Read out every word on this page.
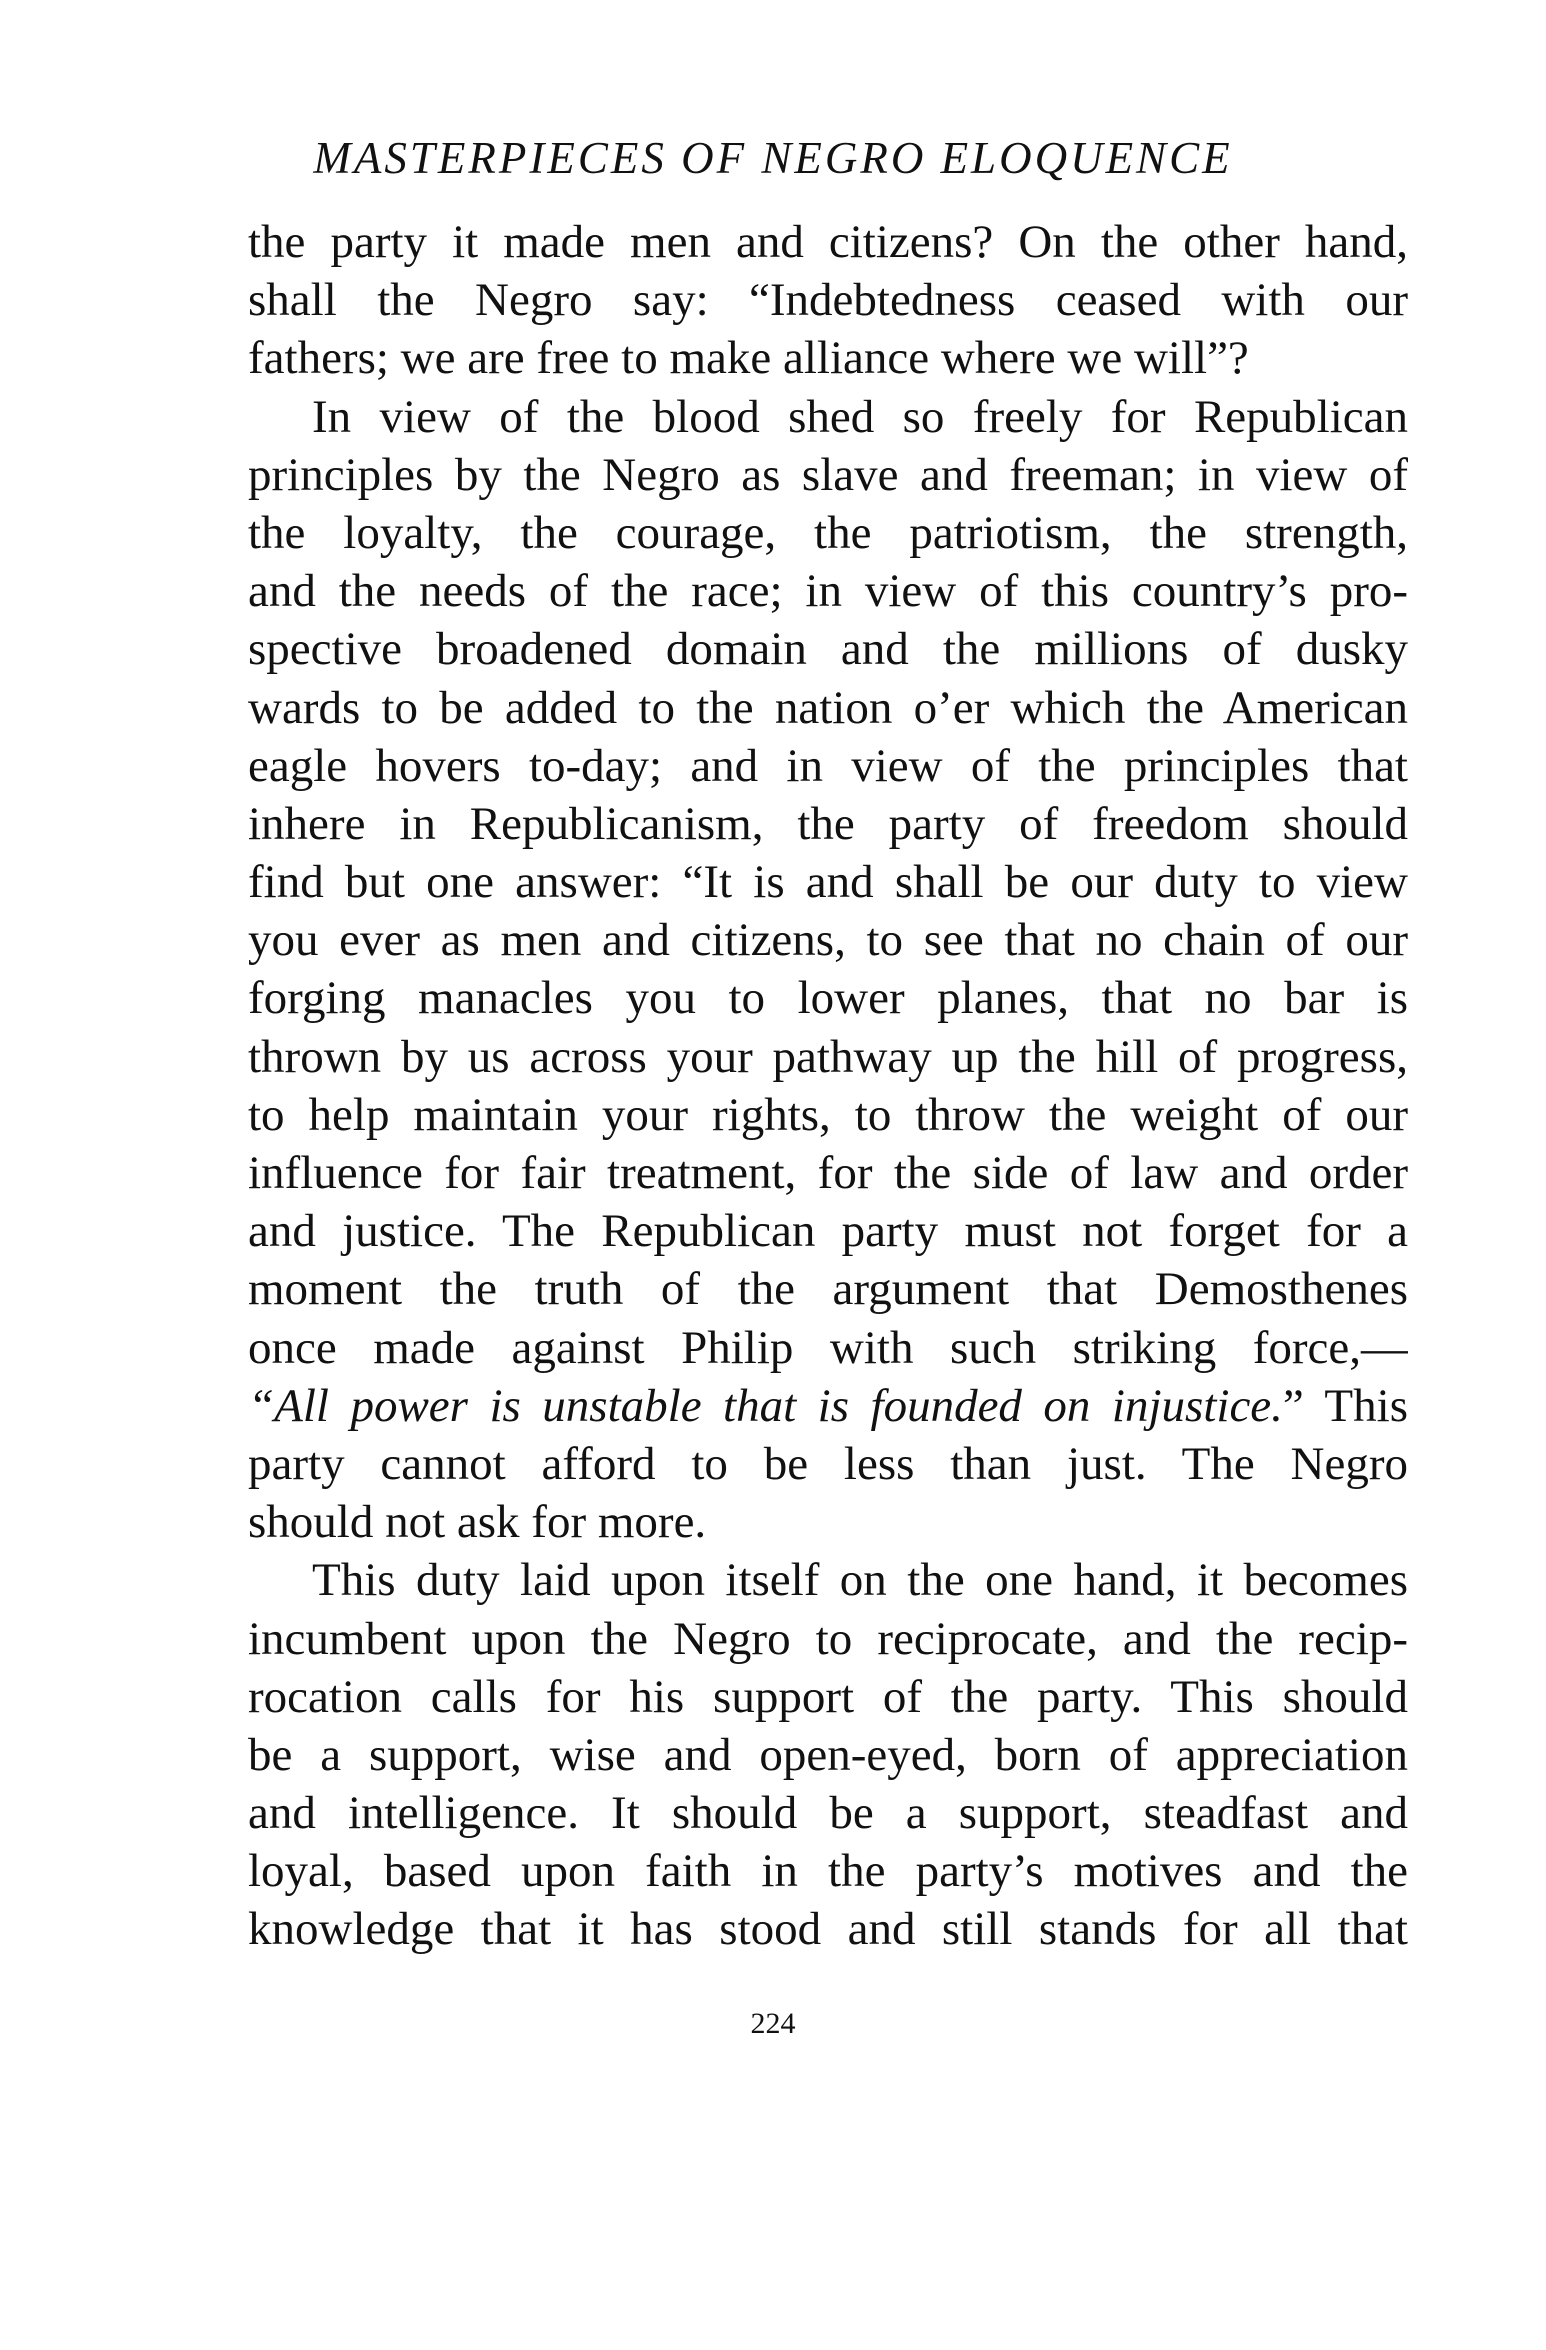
MASTERPIECES OF NEGRO ELOQUENCE
the party it made men and citizens? On the other hand,
shall the Negro say: “Indebtedness ceased with our
fathers; we are free to make alliance where we will”?
In view of the blood shed so freely for Republican
principles by the Negro as slave and freeman; in view of
the loyalty, the courage, the patriotism, the strength,
and the needs of the race; in view of this country’s pro-
spective broadened domain and the millions of dusky
wards to be added to the nation o’er which the American
eagle hovers to-day; and in view of the principles that
inhere in Republicanism, the party of freedom should
find but one answer: “It is and shall be our duty to view
you ever as men and citizens, to see that no chain of our
forging manacles you to lower planes, that no bar is
thrown by us across your pathway up the hill of progress,
to help maintain your rights, to throw the weight of our
influence for fair treatment, for the side of law and order
and justice. The Republican party must not forget for a
moment the truth of the argument that Demosthenes
once made against Philip with such striking force,—
“All power is unstable that is founded on injustice.” This
party cannot afford to be less than just. The Negro
should not ask for more.
This duty laid upon itself on the one hand, it becomes
incumbent upon the Negro to reciprocate, and the recip-
rocation calls for his support of the party. This should
be a support, wise and open-eyed, born of appreciation
and intelligence. It should be a support, steadfast and
loyal, based upon faith in the party’s motives and the
knowledge that it has stood and still stands for all that
224
